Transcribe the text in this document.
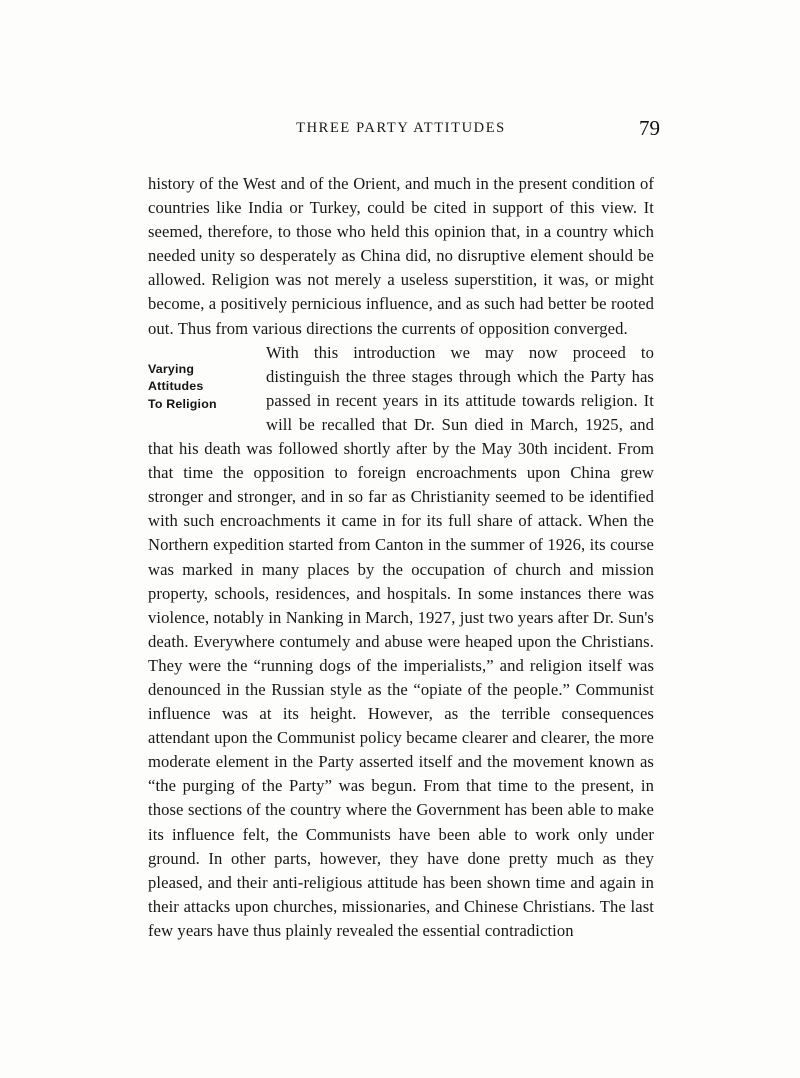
THREE PARTY ATTITUDES	79

history of the West and of the Orient, and much in the present condition of countries like India or Turkey, could be cited in support of this view. It seemed, therefore, to those who held this opinion that, in a country which needed unity so desperately as China did, no disruptive element should be allowed. Religion was not merely a useless superstition, it was, or might become, a positively pernicious influence, and as such had better be rooted out. Thus from various directions the currents of opposition converged.

Varying
Attitudes
To Religion

With this introduction we may now proceed to distinguish the three stages through which the Party has passed in recent years in its attitude towards religion. It will be recalled that Dr. Sun died in March, 1925, and that his death was followed shortly after by the May 30th incident. From that time the opposition to foreign encroachments upon China grew stronger and stronger, and in so far as Christianity seemed to be identified with such encroachments it came in for its full share of attack. When the Northern expedition started from Canton in the summer of 1926, its course was marked in many places by the occupation of church and mission property, schools, residences, and hospitals. In some instances there was violence, notably in Nanking in March, 1927, just two years after Dr. Sun's death. Everywhere contumely and abuse were heaped upon the Christians. They were the “running dogs of the imperialists,” and religion itself was denounced in the Russian style as the “opiate of the people.” Communist influence was at its height. However, as the terrible consequences attendant upon the Communist policy became clearer and clearer, the more moderate element in the Party asserted itself and the movement known as “the purging of the Party” was begun. From that time to the present, in those sections of the country where the Government has been able to make its influence felt, the Communists have been able to work only under ground. In other parts, however, they have done pretty much as they pleased, and their anti-religious attitude has been shown time and again in their attacks upon churches, missionaries, and Chinese Christians. The last few years have thus plainly revealed the essential contradiction
